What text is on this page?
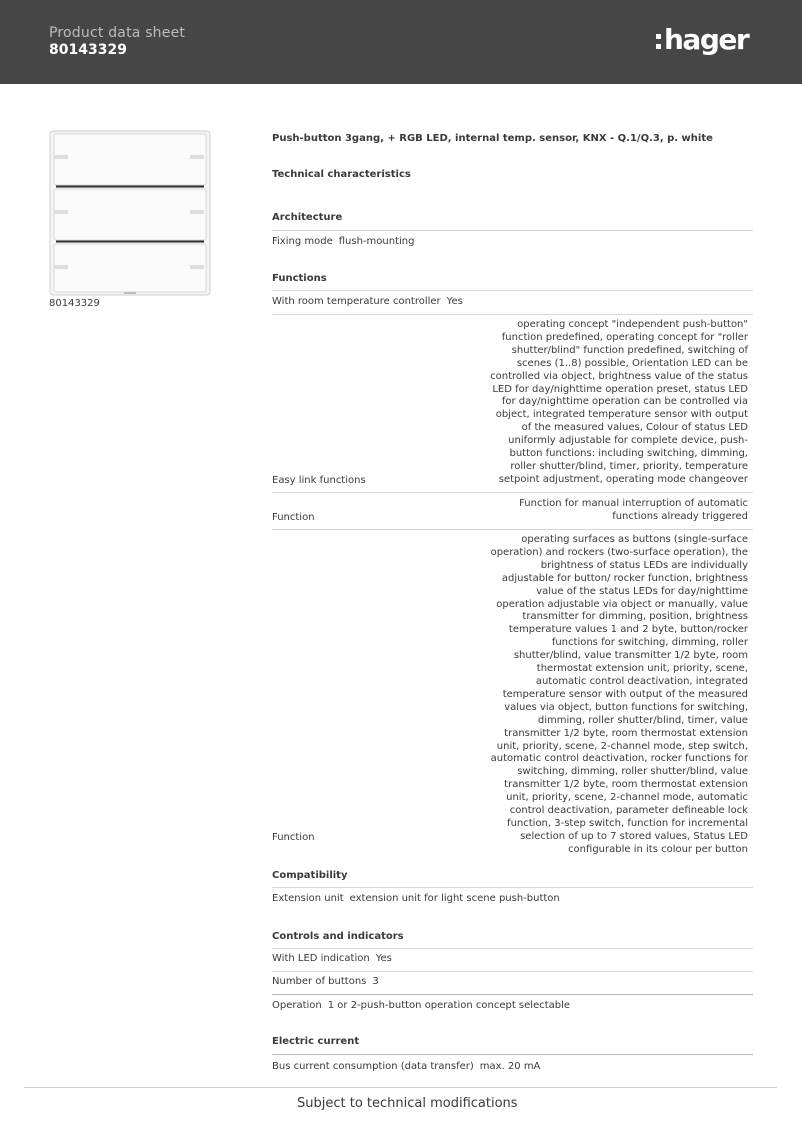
Product data sheet
80143329	hager
80143329
Push-button 3gang, + RGB LED, internal temp. sensor, KNX - Q.1/Q.3, p. white
Technical characteristics
Architecture
Fixing mode flush-mounting
Functions
With room temperature controller Yes
operating concept "independent push-button" function predefined, operating concept for "roller shutter/blind" function predefined, switching of scenes (1..8) possible, Orientation LED can be controlled via object, brightness value of the status LED for day/nighttime operation preset, status LED for day/nighttime operation can be controlled via object, integrated temperature sensor with output of the measured values, Colour of status LED uniformly adjustable for complete device, push-button functions: including switching, dimming, roller shutter/blind, timer, priority, temperature setpoint adjustment, operating mode changeover
Easy link functions
Function for manual interruption of automatic functions already triggered
Function
operating surfaces as buttons (single-surface operation) and rockers (two-surface operation), the brightness of status LEDs are individually adjustable for button/ rocker function, brightness value of the status LEDs for day/nighttime operation adjustable via object or manually, value transmitter for dimming, position, brightness temperature values 1 and 2 byte, button/rocker functions for switching, dimming, roller shutter/blind, value transmitter 1/2 byte, room thermostat extension unit, priority, scene, automatic control deactivation, integrated temperature sensor with output of the measured values via object, button functions for switching, dimming, roller shutter/blind, timer, value transmitter 1/2 byte, room thermostat extension unit, priority, scene, 2-channel mode, step switch, automatic control deactivation, rocker functions for switching, dimming, roller shutter/blind, value transmitter 1/2 byte, room thermostat extension unit, priority, scene, 2-channel mode, automatic control deactivation, parameter defineable lock function, 3-step switch, function for incremental selection of up to 7 stored values, Status LED configurable in its colour per button
Function
Compatibility
Extension unit extension unit for light scene push-button
Controls and indicators
With LED indication Yes
Number of buttons 3
Operation 1 or 2-push-button operation concept selectable
Electric current
Bus current consumption (data transfer) max. 20 mA
Subject to technical modifications
